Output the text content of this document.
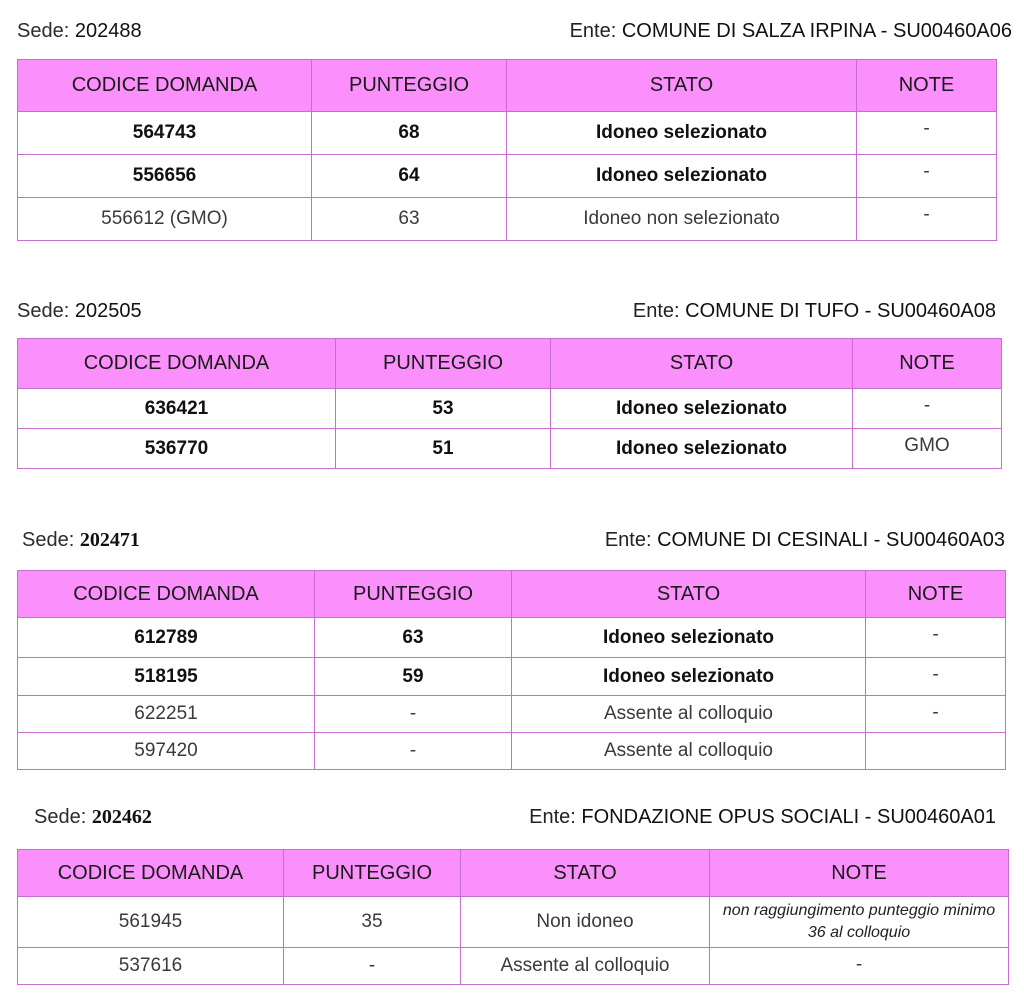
Sede: 202488	Ente: COMUNE DI SALZA IRPINA - SU00460A06
CODICE DOMANDA	PUNTEGGIO	STATO	NOTE
564743	68	Idoneo selezionato	-
556656	64	Idoneo selezionato	-
556612 (GMO)	63	Idoneo non selezionato	-
Sede: 202505	Ente: COMUNE DI TUFO - SU00460A08
CODICE DOMANDA	PUNTEGGIO	STATO	NOTE
636421	53	Idoneo selezionato	-
536770	51	Idoneo selezionato	GMO
Sede: 202471	Ente: COMUNE DI CESINALI - SU00460A03
CODICE DOMANDA	PUNTEGGIO	STATO	NOTE
612789	63	Idoneo selezionato	-
518195	59	Idoneo selezionato	-
622251	-	Assente al colloquio	-
597420	-	Assente al colloquio	
Sede: 202462	Ente: FONDAZIONE OPUS SOCIALI - SU00460A01
CODICE DOMANDA	PUNTEGGIO	STATO	NOTE
561945	35	Non idoneo	non raggiungimento punteggio minimo 36 al colloquio
537616	-	Assente al colloquio	-
